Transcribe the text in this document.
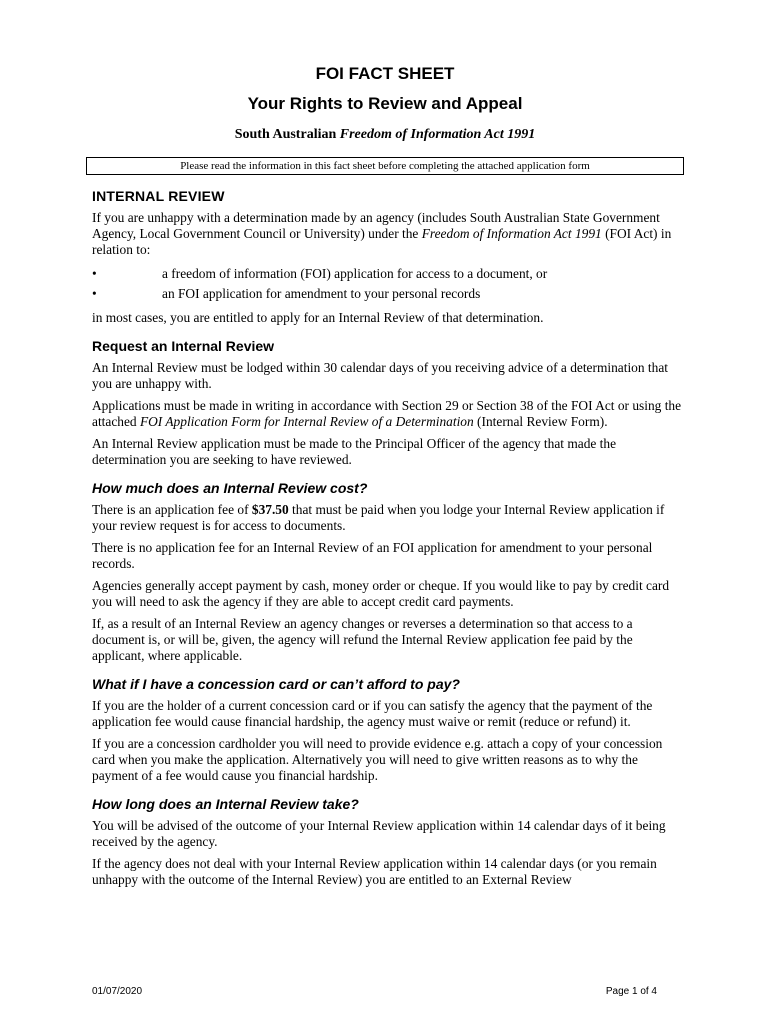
FOI FACT SHEET
Your Rights to Review and Appeal
South Australian Freedom of Information Act 1991
Please read the information in this fact sheet before completing the attached application form
INTERNAL REVIEW

If you are unhappy with a determination made by an agency (includes South Australian State Government Agency, Local Government Council or University) under the Freedom of Information Act 1991 (FOI Act) in relation to:

•	a freedom of information (FOI) application for access to a document, or
•	an FOI application for amendment to your personal records

in most cases, you are entitled to apply for an Internal Review of that determination.

Request an Internal Review

An Internal Review must be lodged within 30 calendar days of you receiving advice of a determination that you are unhappy with.

Applications must be made in writing in accordance with Section 29 or Section 38 of the FOI Act or using the attached FOI Application Form for Internal Review of a Determination (Internal Review Form).

An Internal Review application must be made to the Principal Officer of the agency that made the determination you are seeking to have reviewed.

How much does an Internal Review cost?

There is an application fee of $37.50 that must be paid when you lodge your Internal Review application if your review request is for access to documents.

There is no application fee for an Internal Review of an FOI application for amendment to your personal records.

Agencies generally accept payment by cash, money order or cheque. If you would like to pay by credit card you will need to ask the agency if they are able to accept credit card payments.

If, as a result of an Internal Review an agency changes or reverses a determination so that access to a document is, or will be, given, the agency will refund the Internal Review application fee paid by the applicant, where applicable.

What if I have a concession card or can’t afford to pay?

If you are the holder of a current concession card or if you can satisfy the agency that the payment of the application fee would cause financial hardship, the agency must waive or remit (reduce or refund) it.

If you are a concession cardholder you will need to provide evidence e.g. attach a copy of your concession card when you make the application. Alternatively you will need to give written reasons as to why the payment of a fee would cause you financial hardship.

How long does an Internal Review take?

You will be advised of the outcome of your Internal Review application within 14 calendar days of it being received by the agency.

If the agency does not deal with your Internal Review application within 14 calendar days (or you remain unhappy with the outcome of the Internal Review) you are entitled to an External Review

01/07/2020	Page 1 of 4
